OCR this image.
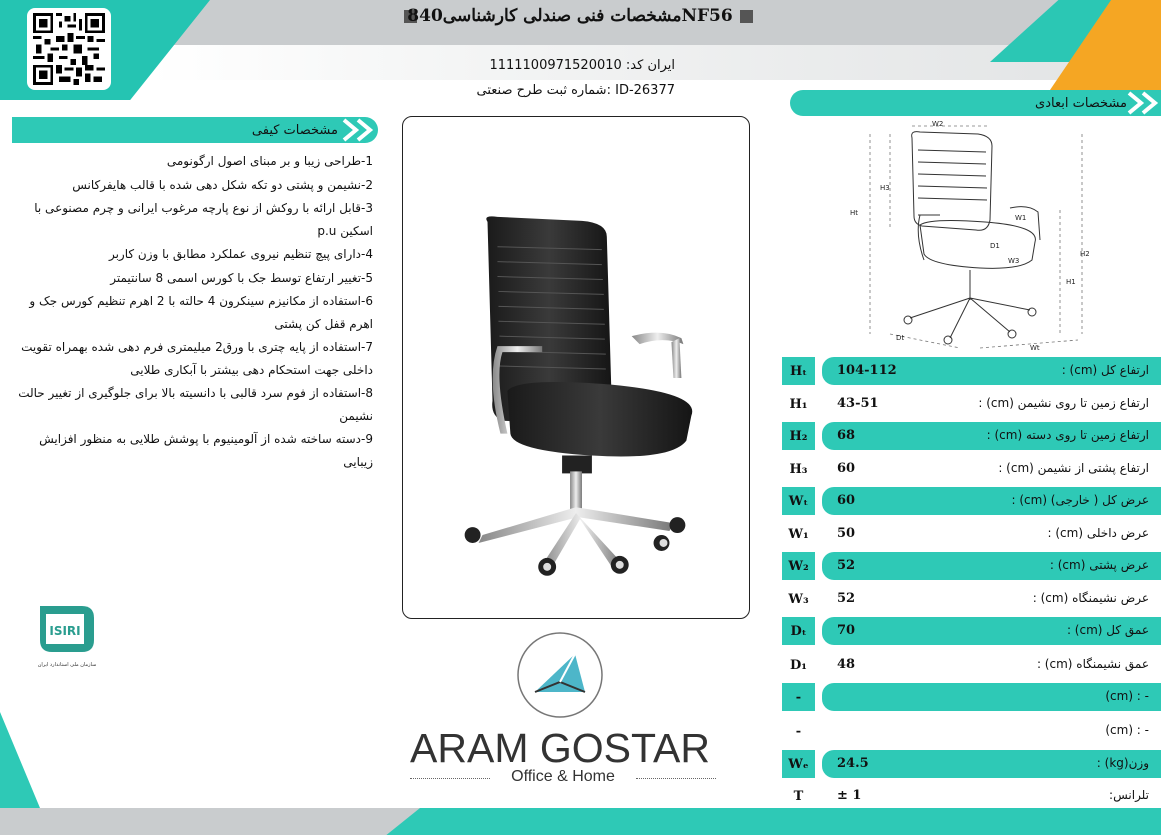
مشخصات فنی صندلی کارشناسی840NF56
ایران کد: 1111100971520010
شماره ثبت طرح صنعتی: ID-26377
مشخصات کیفی
1-طراحی زیبا و بر مبنای اصول ارگونومی
2-نشیمن و پشتی دو تکه شکل دهی شده با قالب هایفرکانس
3-قابل ارائه با روکش از نوع پارچه مرغوب ایرانی و چرم مصنوعی با اسکین p.u
4-دارای پیچ تنظیم نیروی عملکرد مطابق با وزن کاربر
5-تغییر ارتفاع توسط جک با کورس اسمی 8 سانتیمتر
6-استفاده از مکانیزم سینکرون 4 حالته با 2 اهرم تنظیم کورس جک و اهرم قفل کن پشتی
7-استفاده از پایه چتری با ورق2 میلیمتری فرم دهی شده بهمراه تقویت داخلی جهت استحکام دهی بیشتر با آبکاری طلایی
8-استفاده از فوم سرد قالبی با دانسیته بالا برای جلوگیری از تغییر حالت نشیمن
9-دسته ساخته شده از آلومینیوم با پوشش طلایی به منظور افزایش زیبایی
مشخصات ابعادی
W2
H3
Ht
W1
D1
W3
H2
H1
Dt
Wt
Hₜ	104-112	ارتفاع کل (cm) :
H₁	43-51	ارتفاع زمین تا روی نشیمن (cm) :
H₂	68	ارتفاع زمین تا روی دسته (cm) :
H₃	60	ارتفاع پشتی از نشیمن (cm) :
Wₜ	60	عرض کل ( خارجی) (cm) :
W₁	50	عرض داخلی (cm) :
W₂	52	عرض پشتی (cm) :
W₃	52	عرض نشیمنگاه (cm) :
Dₜ	70	عمق کل (cm) :
D₁	48	عمق نشیمنگاه (cm) :
-	- : (cm)
-	- : (cm)
Wₑ	24.5	وزن(kg) :
T	± 1	تلرانس:
ISIRI
سازمان ملی استاندارد ایران
ARAM GOSTAR
Office & Home
